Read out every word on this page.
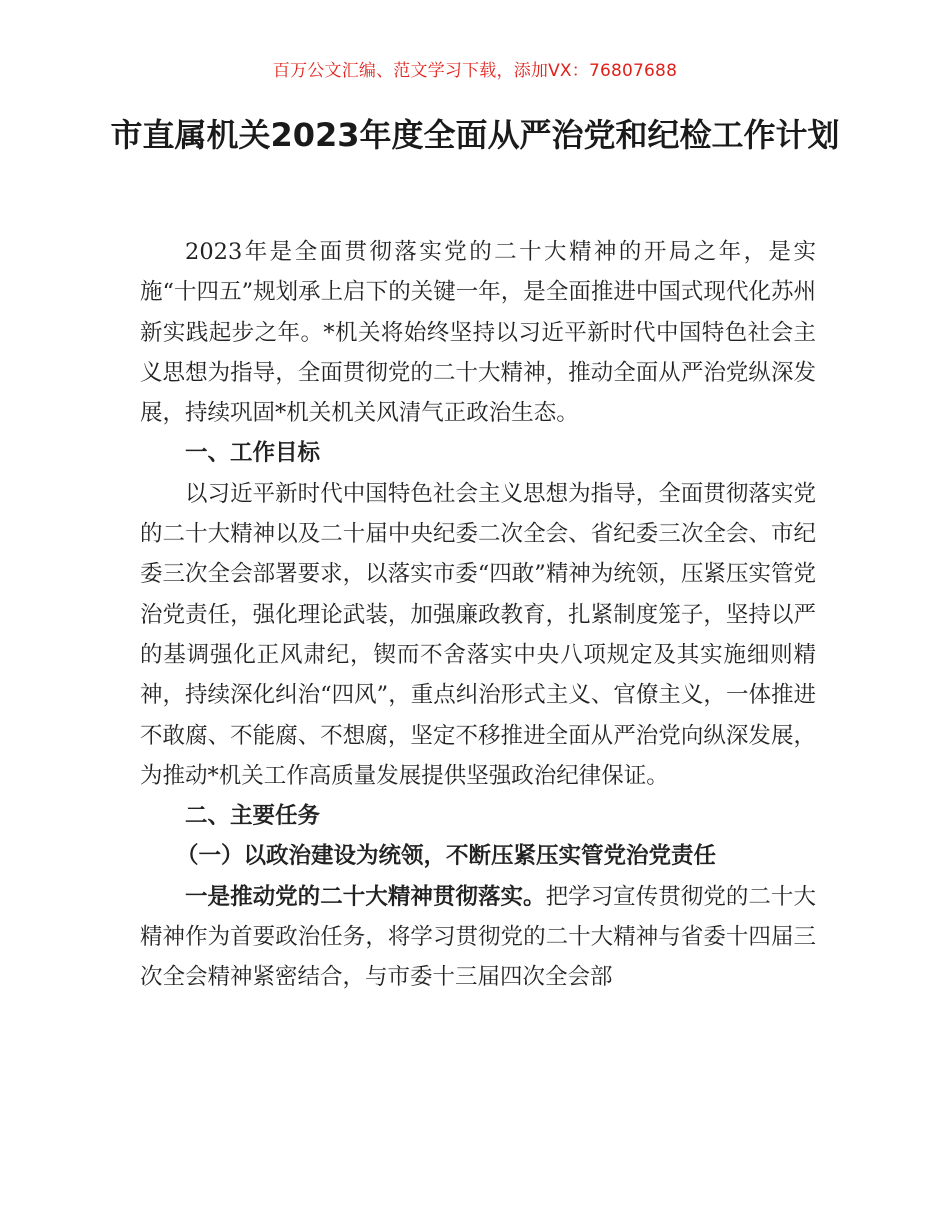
百万公文汇编、范文学习下载，添加VX：76807688
市直属机关2023年度全面从严治党和纪检工作计划

2023年是全面贯彻落实党的二十大精神的开局之年，是实施“十四五”规划承上启下的关键一年，是全面推进中国式现代化苏州新实践起步之年。*机关将始终坚持以习近平新时代中国特色社会主义思想为指导，全面贯彻党的二十大精神，推动全面从严治党纵深发展，持续巩固*机关机关风清气正政治生态。

一、工作目标

以习近平新时代中国特色社会主义思想为指导，全面贯彻落实党的二十大精神以及二十届中央纪委二次全会、省纪委三次全会、市纪委三次全会部署要求，以落实市委“四敢”精神为统领，压紧压实管党治党责任，强化理论武装，加强廉政教育，扎紧制度笼子，坚持以严的基调强化正风肃纪，锲而不舍落实中央八项规定及其实施细则精神，持续深化纠治“四风”，重点纠治形式主义、官僚主义，一体推进不敢腐、不能腐、不想腐，坚定不移推进全面从严治党向纵深发展，为推动*机关工作高质量发展提供坚强政治纪律保证。

二、主要任务

（一）以政治建设为统领，不断压紧压实管党治党责任

一是推动党的二十大精神贯彻落实。把学习宣传贯彻党的二十大精神作为首要政治任务，将学习贯彻党的二十大精神与省委十四届三次全会精神紧密结合，与市委十三届四次全会部
